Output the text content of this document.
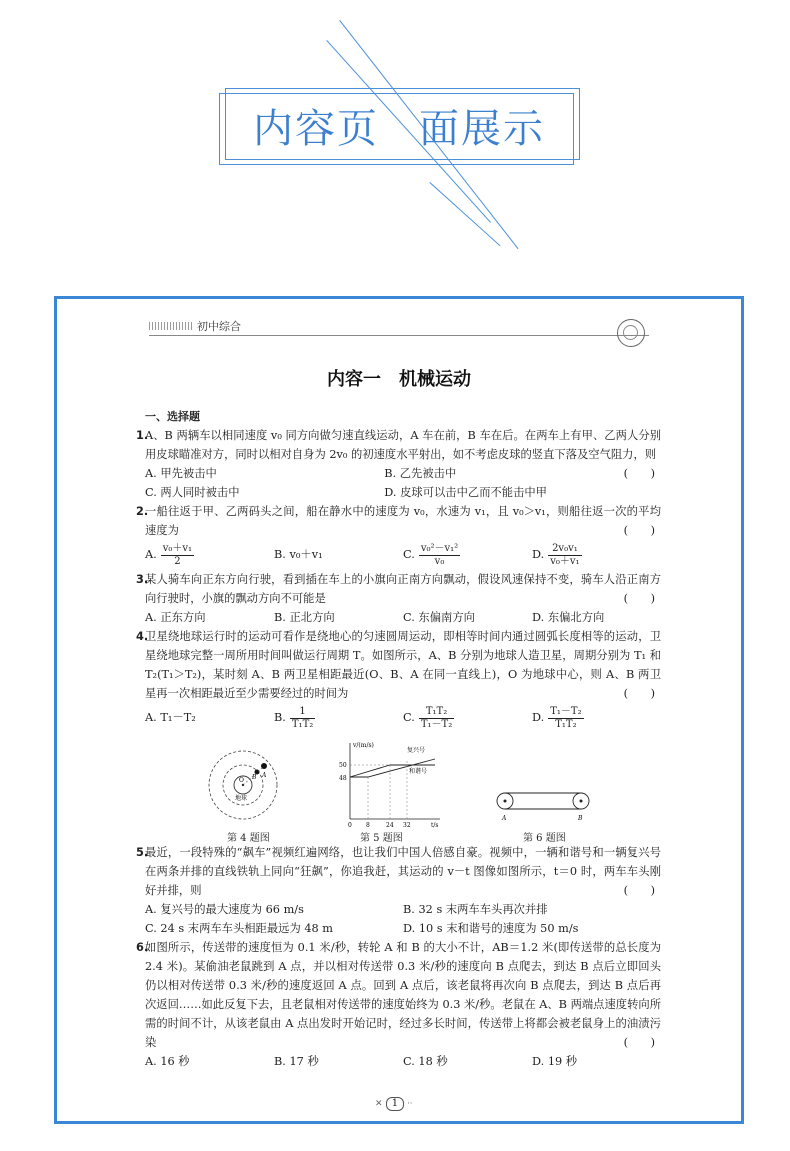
内容页 面展示
初中综合
内容一　机械运动
一、选择题
1.

A、B 两辆车以相同速度 v₀ 同方向做匀速直线运动，A 车在前，B 车在后。在两车上有甲、乙两人分别用皮球瞄准对方，同时以相对自身为 2v₀ 的初速度水平射出，如不考虑皮球的竖直下落及空气阻力，则
(　　)

A. 甲先被击中	B. 乙先被击中
C. 两人同时被击中	D. 皮球可以击中乙而不能击中甲
2.

一船往返于甲、乙两码头之间，船在静水中的速度为 v₀，水速为 v₁，且 v₀＞v₁，则船往返一次的平均速度为	(　　)

A. $\frac{\text{v₀＋v₁}}{2}$	B. v₀＋v₁	C. $\frac{\text{v₀²－v₁²}}{\text{v₀}}$	D. $\frac{\text{2v₀v₁}}{\text{v₀＋v₁}}$
3.

某人骑车向正东方向行驶，看到插在车上的小旗向正南方向飘动，假设风速保持不变，骑车人沿正南方向行驶时，小旗的飘动方向不可能是	(　　)

A. 正东方向	B. 正北方向	C. 东偏南方向	D. 东偏北方向
4.

卫星绕地球运行时的运动可看作是绕地心的匀速圆周运动，即相等时间内通过圆弧长度相等的运动，卫星绕地球完整一周所用时间叫做运行周期 T。如图所示，A、B 分别为地球人造卫星，周期分别为 T₁ 和 T₂(T₁＞T₂)，某时刻 A、B 两卫星相距最近(O、B、A 在同一直线上)，O 为地球中心，则 A、B 两卫星再一次相距最近至少需要经过的时间为	(　　)

A. T₁－T₂	B. $\frac{1}{\text{T₁T₂}}$	C. $\frac{\text{T₁T₂}}{\text{T₁－T₂}}$	D. $\frac{\text{T₁－T₂}}{\text{T₁T₂}}$
O
A
B
地球
第 4 题图
v/(m/s)
t/s
复兴号
和谐号
50
48
0 8	24 32
第 5 题图
A	B
第 6 题图
5.

最近，一段特殊的“飙车”视频红遍网络，也让我们中国人倍感自豪。视频中，一辆和谐号和一辆复兴号在两条并排的直线铁轨上同向“狂飙”，你追我赶，其运动的 v－t 图像如图所示，t＝0 时，两车车头刚好并排，则	(　　)

A. 复兴号的最大速度为 66 m/s	B. 32 s 末两车车头再次并排
C. 24 s 末两车车头相距最远为 48 m	D. 10 s 末和谐号的速度为 50 m/s
6.

如图所示，传送带的速度恒为 0.1 米/秒，转轮 A 和 B 的大小不计，AB＝1.2 米(即传送带的总长度为 2.4 米)。某偷油老鼠跳到 A 点，并以相对传送带 0.3 米/秒的速度向 B 点爬去，到达 B 点后立即回头仍以相对传送带 0.3 米/秒的速度返回 A 点。回到 A 点后，该老鼠将再次向 B 点爬去，到达 B 点后再次返回……如此反复下去，且老鼠相对传送带的速度始终为 0.3 米/秒。老鼠在 A、B 两端点速度转向所需的时间不计，从该老鼠由 A 点出发时开始记时，经过多长时间，传送带上将都会被老鼠身上的油渍污染	(　　)

A. 16 秒	B. 17 秒	C. 18 秒	D. 19 秒
✕ 1 ··
